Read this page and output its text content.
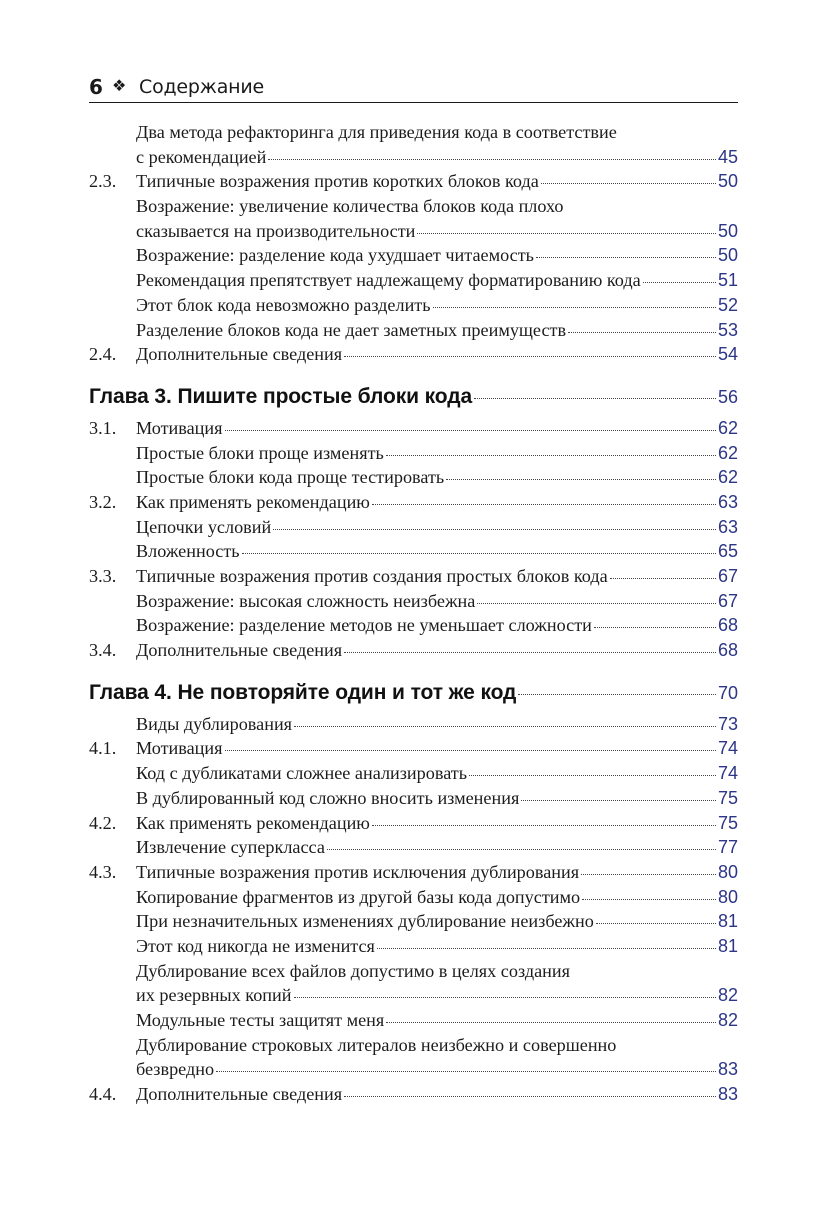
6 ❖ Содержание
Два метода рефакторинга для приведения кода в соответствие
с рекомендацией	45
2.3. Типичные возражения против коротких блоков кода	50
Возражение: увеличение количества блоков кода плохо
сказывается на производительности	50
Возражение: разделение кода ухудшает читаемость	50
Рекомендация препятствует надлежащему форматированию кода	51
Этот блок кода невозможно разделить	52
Разделение блоков кода не дает заметных преимуществ	53
2.4. Дополнительные сведения	54
Глава 3. Пишите простые блоки кода	56
3.1. Мотивация	62
Простые блоки проще изменять	62
Простые блоки кода проще тестировать	62
3.2. Как применять рекомендацию	63
Цепочки условий	63
Вложенность	65
3.3. Типичные возражения против создания простых блоков кода	67
Возражение: высокая сложность неизбежна	67
Возражение: разделение методов не уменьшает сложности	68
3.4. Дополнительные сведения	68
Глава 4. Не повторяйте один и тот же код	70
Виды дублирования	73
4.1. Мотивация	74
Код с дубликатами сложнее анализировать	74
В дублированный код сложно вносить изменения	75
4.2. Как применять рекомендацию	75
Извлечение суперкласса	77
4.3. Типичные возражения против исключения дублирования	80
Копирование фрагментов из другой базы кода допустимо	80
При незначительных изменениях дублирование неизбежно	81
Этот код никогда не изменится	81
Дублирование всех файлов допустимо в целях создания
их резервных копий	82
Модульные тесты защитят меня	82
Дублирование строковых литералов неизбежно и совершенно
безвредно	83
4.4. Дополнительные сведения	83
